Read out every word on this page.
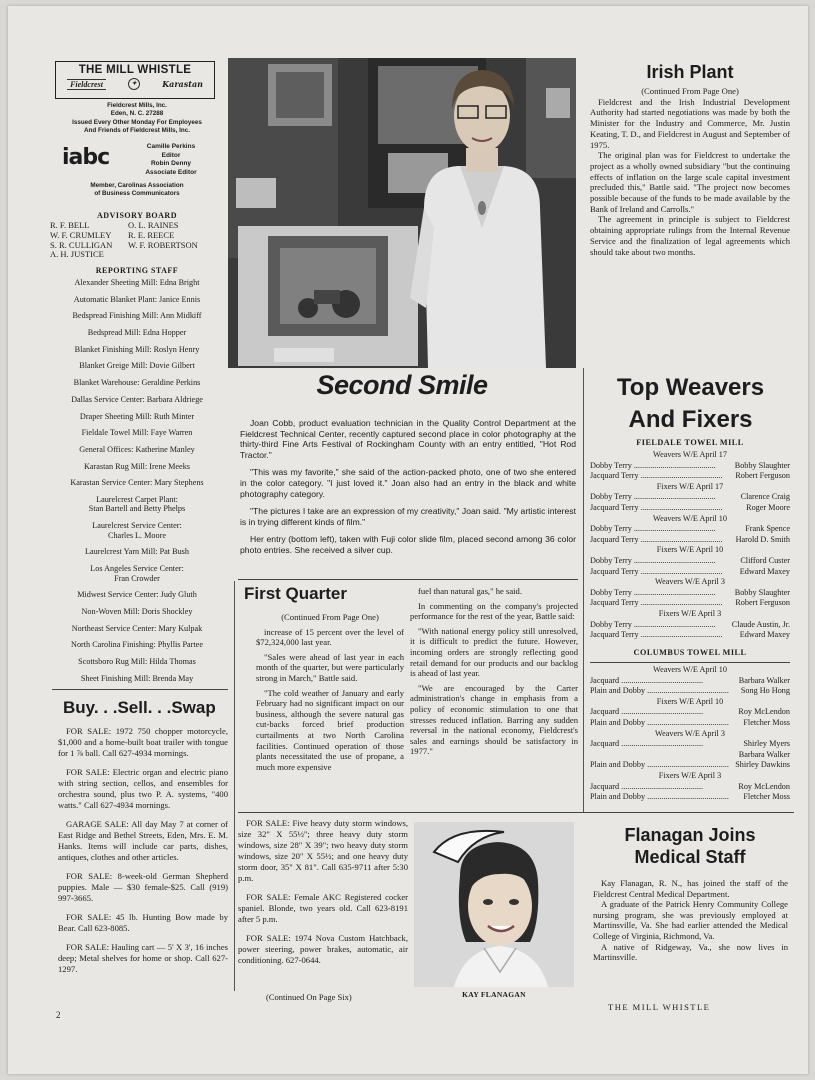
THE MILL WHISTLE
Fieldcrest	✦	Karastan
Fieldcrest Mills, Inc.
Eden, N. C. 27288
Issued Every Other Monday For Employees
And Friends of Fieldcrest Mills, Inc.
iabc	Camille Perkins
Editor
Robin Denny
Associate Editor
Member, Carolinas Association
of Business Communicators
ADVISORY BOARD
R. F. BELL	O. L. RAINES
W. F. CRUMLEY	R. E. REECE
S. R. CULLIGAN	W. F. ROBERTSON
A. H. JUSTICE
REPORTING STAFF
Alexander Sheeting Mill: Edna Bright
Automatic Blanket Plant: Janice Ennis
Bedspread Finishing Mill: Ann Midkiff
Bedspread Mill: Edna Hopper
Blanket Finishing Mill: Roslyn Henry
Blanket Greige Mill: Dovie Gilbert
Blanket Warehouse: Geraldine Perkins
Dallas Service Center: Barbara Aldriege
Draper Sheeting Mill: Ruth Minter
Fieldale Towel Mill: Faye Warren
General Offices: Katherine Manley
Karastan Rug Mill: Irene Meeks
Karastan Service Center: Mary Stephens
Laurelcrest Carpet Plant:
Stan Bartell and Betty Phelps
Laurelcrest Service Center:
Charles L. Moore
Laurelcrest Yarn Mill: Pat Bush
Los Angeles Service Center:
Fran Crowder
Midwest Service Center: Judy Gluth
Non-Woven Mill: Doris Shockley
Northeast Service Center: Mary Kulpak
North Carolina Finishing: Phyllis Partee
Scottsboro Rug Mill: Hilda Thomas
Sheet Finishing Mill: Brenda May
Buy. . .Sell. . .Swap
FOR SALE: 1972 750 chopper motorcycle, $1,000 and a home-built boat trailer with tongue for 1 ⅞ ball. Call 627-4934 mornings.
FOR SALE: Electric organ and electric piano with string section, cellos, and ensembles for orchestra sound, plus two P. A. systems, "400 watts." Call 627-4934 mornings.
GARAGE SALE: All day May 7 at corner of East Ridge and Bethel Streets, Eden, Mrs. E. M. Hanks. Items will include car parts, dishes, antiques, clothes and other articles.
FOR SALE: 8-week-old German Shepherd puppies. Male — $30 female-$25. Call (919) 997-3665.
FOR SALE: 45 lb. Hunting Bow made by Bear. Call 623-8085.
FOR SALE: Hauling cart — 5' X 3', 16 inches deep; Metal shelves for home or shop. Call 627-1297.
Second Smile

Joan Cobb, product evaluation technician in the Quality Control Department at the Fieldcrest Technical Center, recently captured second place in color photography at the thirty-third Fine Arts Festival of Rockingham County with an entry entitled, "Hot Rod Tractor."

"This was my favorite," she said of the action-packed photo, one of two she entered in the color category. "I just loved it." Joan also had an entry in the black and white photography category.

"The pictures I take are an expression of my creativity," Joan said. "My artistic interest is in trying different kinds of film."

Her entry (bottom left), taken with Fuji color slide film, placed second among 36 color photo entries. She received a silver cup.

First Quarter

(Continued From Page One)

increase of 15 percent over the level of $72,324,000 last year.

"Sales were ahead of last year in each month of the quarter, but were particularly strong in March," Battle said.

"The cold weather of January and early February had no significant impact on our business, although the severe natural gas cut-backs forced brief production curtailments at two North Carolina facilities. Continued operation of those plants necessitated the use of propane, a much more expensive

fuel than natural gas," he said.

In commenting on the company's projected performance for the rest of the year, Battle said:

"With national energy policy still unresolved, it is difficult to predict the future. However, incoming orders are strongly reflecting good retail demand for our products and our backlog is ahead of last year.

"We are encouraged by the Carter administration's change in emphasis from a policy of economic stimulation to one that stresses reduced inflation. Barring any sudden reversal in the national economy, Fieldcrest's sales and earnings should be satisfactory in 1977."

FOR SALE: Five heavy duty storm windows, size 32" X 55½"; three heavy duty storm windows, size 28" X 39"; two heavy duty storm windows, size 20" X 55½; and one heavy duty storm door, 35" X 81". Call 635-9711 after 5:30 p.m.
FOR SALE: Female AKC Registered cocker spaniel. Blonde, two years old. Call 623-8191 after 5 p.m.
FOR SALE: 1974 Nova Custom Hatchback, power steering, power brakes, automatic, air conditioning. 627-0644.
(Continued On Page Six)	KAY FLANAGAN
Irish Plant

(Continued From Page One)

Fieldcrest and the Irish Industrial Development Authority had started negotiations was made by both the Minister for the Industry and Commerce, Mr. Justin Keating, T. D., and Fieldcrest in August and September of 1975.

The original plan was for Fieldcrest to undertake the project as a wholly owned subsidiary "but the continuing effects of inflation on the large scale capital investment precluded this," Battle said. "The project now becomes possible because of the funds to be made available by the Bank of Ireland and Carrolls."

The agreement in principle is subject to Fieldcrest obtaining appropriate rulings from the Internal Revenue Service and the finalization of legal agreements which should take about two months.

Top Weavers
And Fixers
FIELDALE TOWEL MILL
Weavers W/E April 17
Dobby Terry ........................................	Bobby Slaughter
Jacquard Terry ........................................	Robert Ferguson
Fixers W/E April 17
Dobby Terry ........................................	Clarence Craig
Jacquard Terry ........................................	Roger Moore
Weavers W/E April 10
Dobby Terry ........................................	Frank Spence
Jacquard Terry ........................................	Harold D. Smith
Fixers W/E April 10
Dobby Terry ........................................	Clifford Custer
Jacquard Terry ........................................	Edward Maxey
Weavers W/E April 3
Dobby Terry ........................................	Bobby Slaughter
Jacquard Terry ........................................	Robert Ferguson
Fixers W/E April 3
Dobby Terry ........................................	Claude Austin, Jr.
Jacquard Terry ........................................	Edward Maxey
COLUMBUS TOWEL MILL
Weavers W/E April 10
Jacquard ........................................	Barbara Walker
Plain and Dobby ........................................	Song Ho Hong
Fixers W/E April 10
Jacquard ........................................	Roy McLendon
Plain and Dobby ........................................	Fletcher Moss
Weavers W/E April 3
Jacquard ........................................	Shirley Myers
Barbara Walker
Plain and Dobby ........................................ Shirley Dawkins
Fixers W/E April 3
Jacquard ........................................	Roy McLendon
Plain and Dobby ........................................	Fletcher Moss
Flanagan Joins
Medical Staff

Kay Flanagan, R. N., has joined the staff of the Fieldcrest Central Medical Department.

A graduate of the Patrick Henry Community College nursing program, she was previously employed at Martinsville, Va. She had earlier attended the Medical College of Virginia, Richmond, Va.

A native of Ridgeway, Va., she now lives in Martinsville.

THE MILL WHISTLE
2
